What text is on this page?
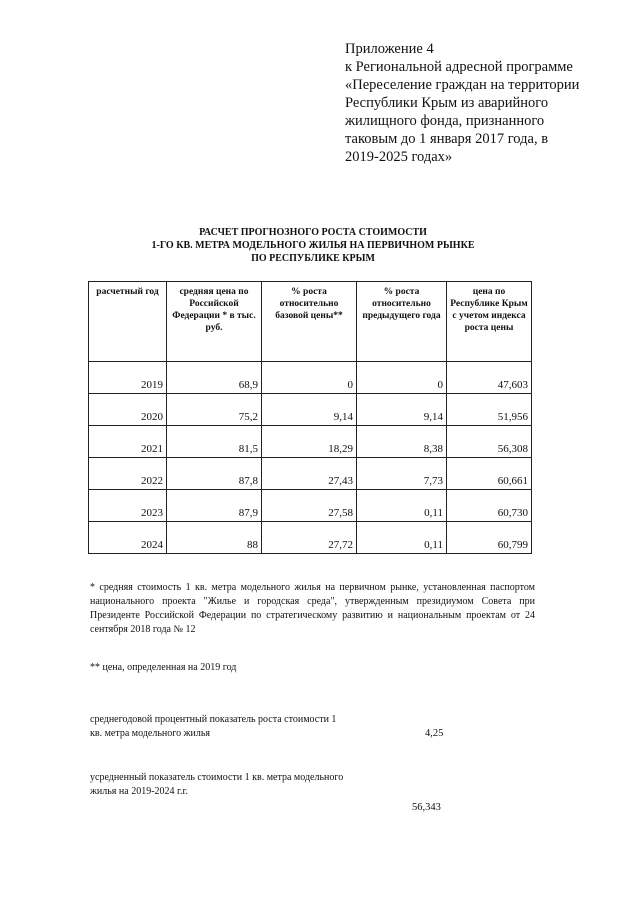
Приложение 4
к Региональной адресной программе
«Переселение граждан на территории
Республики Крым из аварийного
жилищного фонда, признанного
таковым до 1 января 2017 года, в
2019-2025 годах»
РАСЧЕТ ПРОГНОЗНОГО РОСТА СТОИМОСТИ
1-ГО КВ. МЕТРА МОДЕЛЬНОГО ЖИЛЬЯ НА ПЕРВИЧНОМ РЫНКЕ
ПО РЕСПУБЛИКЕ КРЫМ
расчетный год	средняя цена по Российской Федерации * в тыс. руб.	% роста относительно базовой цены**	% роста относительно предыдущего года	цена по Республике Крым с учетом индекса роста цены
2019	68,9	0	0	47,603
2020	75,2	9,14	9,14	51,956
2021	81,5	18,29	8,38	56,308
2022	87,8	27,43	7,73	60,661
2023	87,9	27,58	0,11	60,730
2024	88	27,72	0,11	60,799
* средняя стоимость 1 кв. метра модельного жилья на первичном рынке, установленная паспортом национального проекта "Жилье и городская среда", утвержденным президиумом Совета при Президенте Российской Федерации по стратегическому развитию и национальным проектам от 24 сентября 2018 года № 12
** цена, определенная на 2019 год
среднегодовой процентный показатель роста стоимости 1 кв. метра модельного жилья	4,25
усредненный показатель стоимости 1 кв. метра модельного жилья на 2019-2024 г.г.
56,343
